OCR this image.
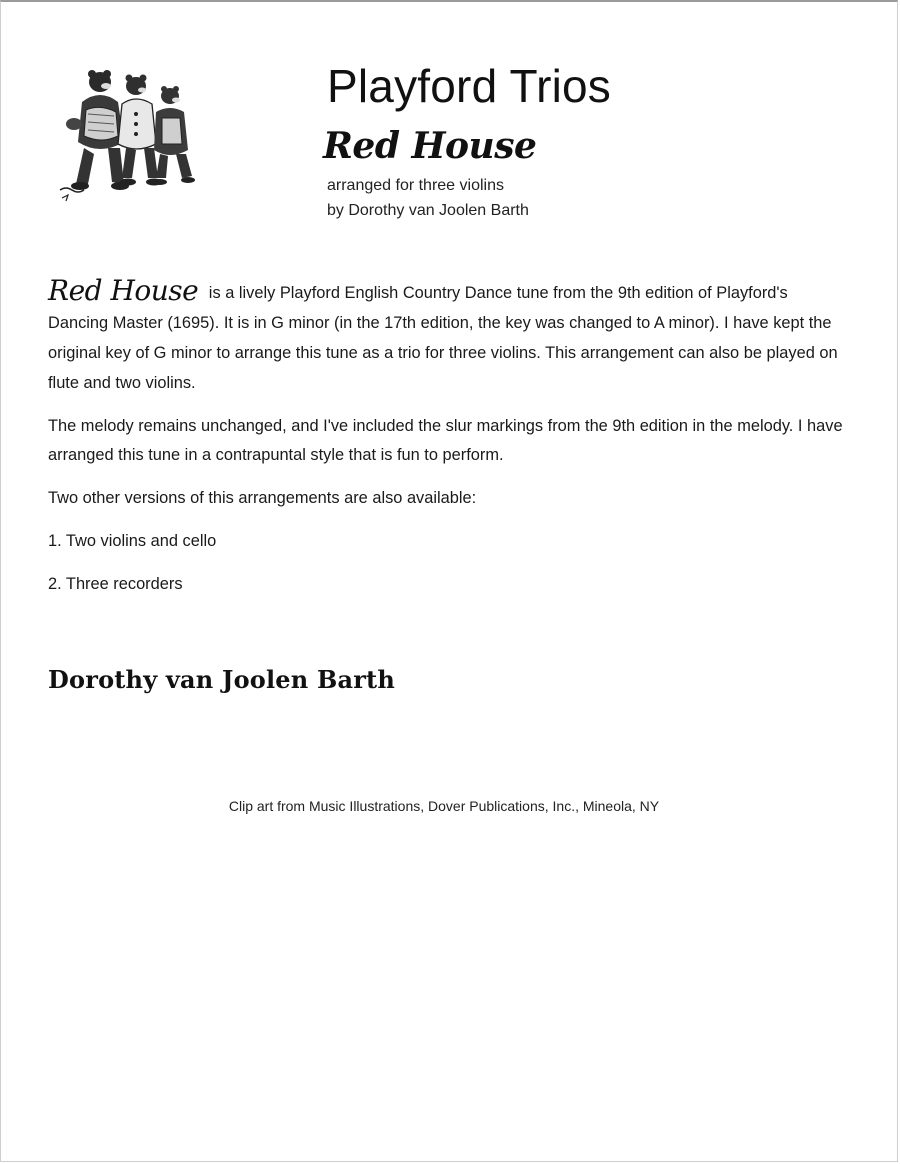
Playford Trios
Red House
arranged for three violins
by Dorothy van Joolen Barth

Red House is a lively Playford English Country Dance tune from the 9th edition of Playford's Dancing Master (1695). It is in G minor (in the 17th edition, the key was changed to A minor). I have kept the original key of G minor to arrange this tune as a trio for three violins. This arrangement can also be played on flute and two violins.

The melody remains unchanged, and I've included the slur markings from the 9th edition in the melody. I have arranged this tune in a contrapuntal style that is fun to perform.

Two other versions of this arrangements are also available:

1. Two violins and cello

2. Three recorders

Dorothy van Joolen Barth
Clip art from Music Illustrations, Dover Publications, Inc., Mineola, NY
